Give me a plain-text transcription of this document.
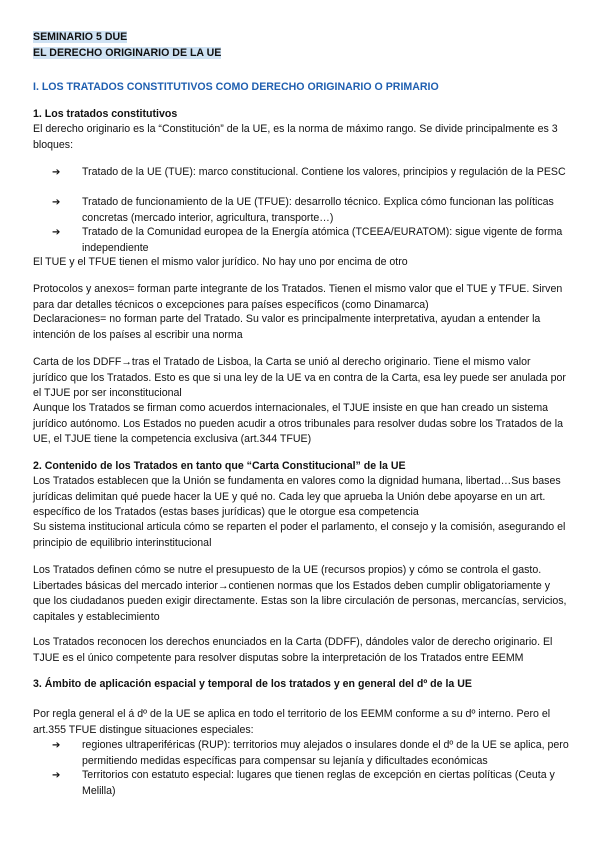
SEMINARIO 5 DUE
EL DERECHO ORIGINARIO DE LA UE
I. LOS TRATADOS CONSTITUTIVOS COMO DERECHO ORIGINARIO O PRIMARIO
1. Los tratados constitutivos

El derecho originario es la “Constitución” de la UE, es la norma de máximo rango. Se divide principalmente es 3 bloques:

➔ Tratado de la UE (TUE): marco constitucional. Contiene los valores, principios y regulación de la PESC
➔ Tratado de funcionamiento de la UE (TFUE): desarrollo técnico. Explica cómo funcionan las políticas concretas (mercado interior, agricultura, transporte…)
➔ Tratado de la Comunidad europea de la Energía atómica (TCEEA/EURATOM): sigue vigente de forma independiente

El TUE y el TFUE tienen el mismo valor jurídico. No hay uno por encima de otro

Protocolos y anexos= forman parte integrante de los Tratados. Tienen el mismo valor que el TUE y TFUE. Sirven para dar detalles técnicos o excepciones para países específicos (como Dinamarca)

Declaraciones= no forman parte del Tratado. Su valor es principalmente interpretativa, ayudan a entender la intención de los países al escribir una norma

Carta de los DDFF→tras el Tratado de Lisboa, la Carta se unió al derecho originario. Tiene el mismo valor jurídico que los Tratados. Esto es que si una ley de la UE va en contra de la Carta, esa ley puede ser anulada por el TJUE por ser inconstitucional

Aunque los Tratados se firman como acuerdos internacionales, el TJUE insiste en que han creado un sistema jurídico autónomo. Los Estados no pueden acudir a otros tribunales para resolver dudas sobre los Tratados de la UE, el TJUE tiene la competencia exclusiva (art.344 TFUE)

2. Contenido de los Tratados en tanto que “Carta Constitucional” de la UE

Los Tratados establecen que la Unión se fundamenta en valores como la dignidad humana, libertad…Sus bases jurídicas delimitan qué puede hacer la UE y qué no. Cada ley que aprueba la Unión debe apoyarse en un art. específico de los Tratados (estas bases jurídicas) que le otorgue esa competencia

Su sistema institucional articula cómo se reparten el poder el parlamento, el consejo y la comisión, asegurando el principio de equilibrio interinstitucional

Los Tratados definen cómo se nutre el presupuesto de la UE (recursos propios) y cómo se controla el gasto. Libertades básicas del mercado interior→contienen normas que los Estados deben cumplir obligatoriamente y que los ciudadanos pueden exigir directamente. Estas son la libre circulación de personas, mercancías, servicios, capitales y establecimiento

Los Tratados reconocen los derechos enunciados en la Carta (DDFF), dándoles valor de derecho originario. El TJUE es el único competente para resolver disputas sobre la interpretación de los Tratados entre EEMM

3. Ámbito de aplicación espacial y temporal de los tratados y en general del dº de la UE

Por regla general el á dº de la UE se aplica en todo el territorio de los EEMM conforme a su dº interno. Pero el art.355 TFUE distingue situaciones especiales:

➔ regiones ultraperiféricas (RUP): territorios muy alejados o insulares donde el dº de la UE se aplica, pero permitiendo medidas específicas para compensar su lejanía y dificultades económicas
➔ Territorios con estatuto especial: lugares que tienen reglas de excepción en ciertas políticas (Ceuta y Melilla)
